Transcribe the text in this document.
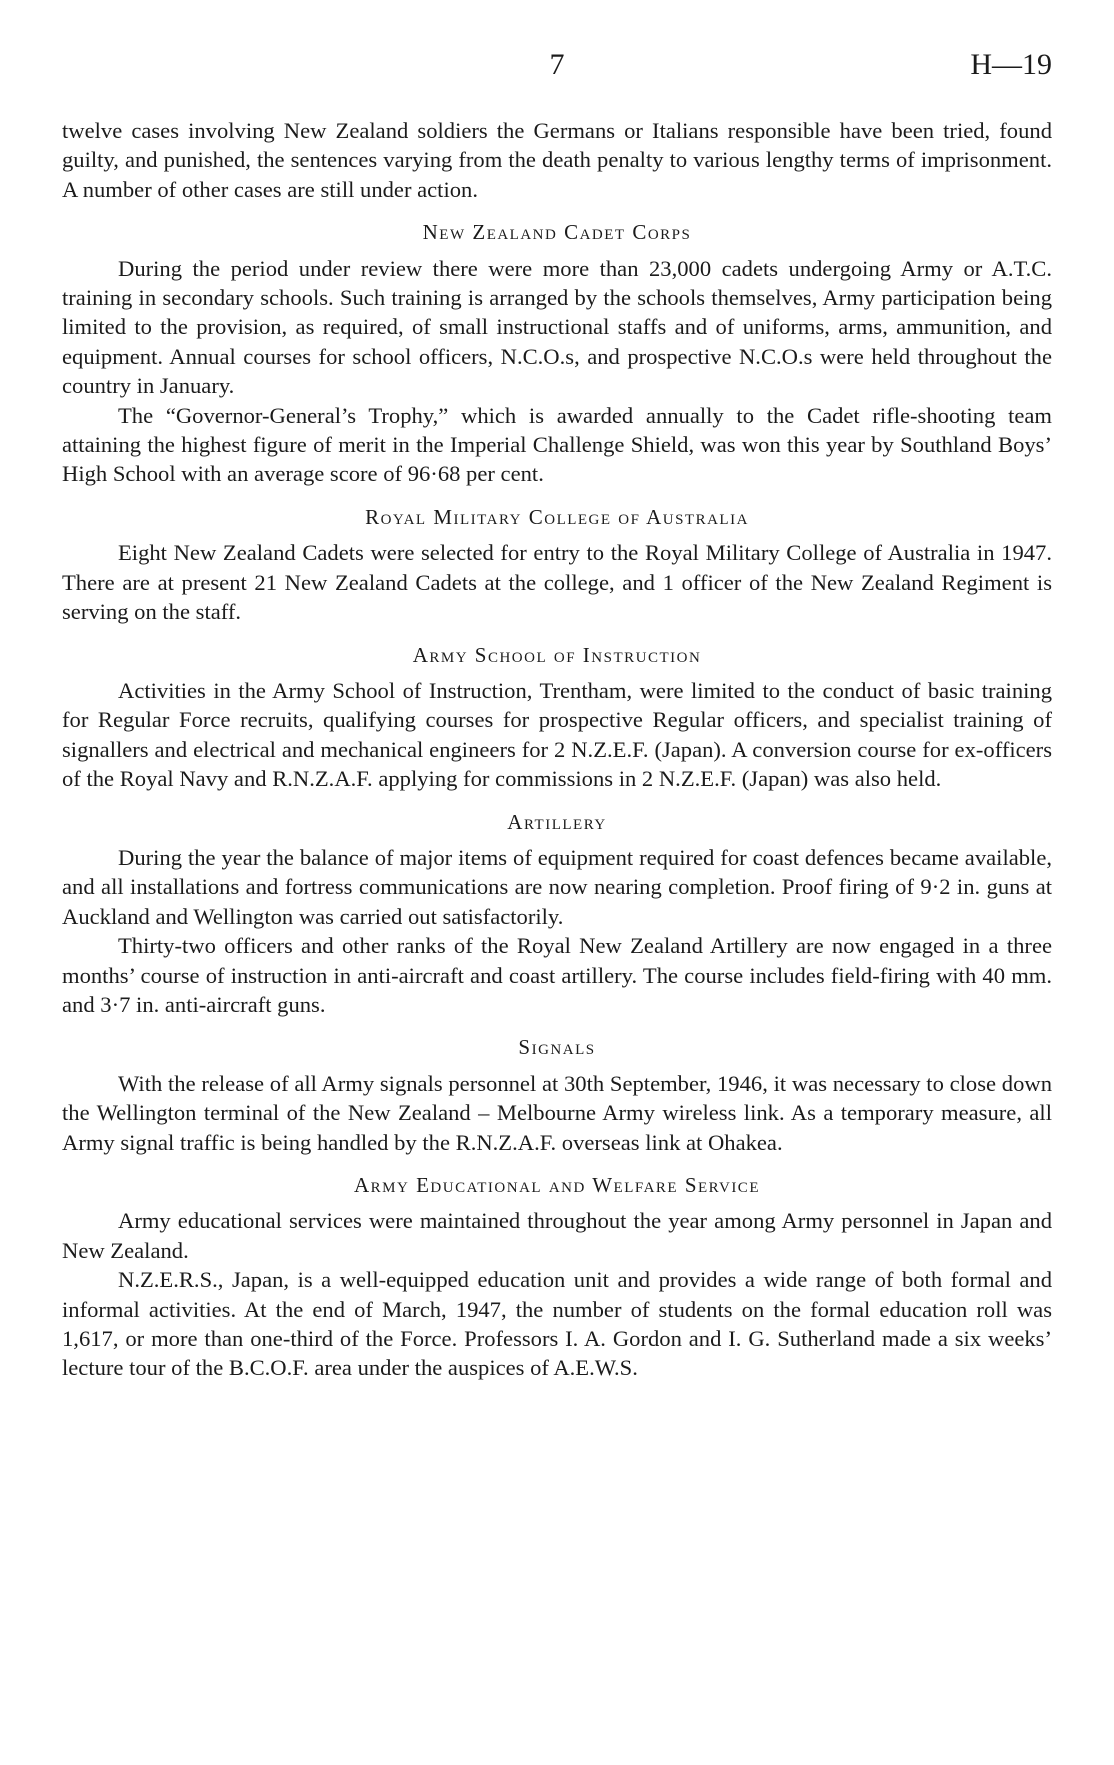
7	H—19

twelve cases involving New Zealand soldiers the Germans or Italians responsible have been tried, found guilty, and punished, the sentences varying from the death penalty to various lengthy terms of imprisonment. A number of other cases are still under action.

New Zealand Cadet Corps

During the period under review there were more than 23,000 cadets undergoing Army or A.T.C. training in secondary schools. Such training is arranged by the schools themselves, Army participation being limited to the provision, as required, of small instructional staffs and of uniforms, arms, ammunition, and equipment. Annual courses for school officers, N.C.O.s, and prospective N.C.O.s were held throughout the country in January.

The “Governor-General’s Trophy,” which is awarded annually to the Cadet rifle-shooting team attaining the highest figure of merit in the Imperial Challenge Shield, was won this year by Southland Boys’ High School with an average score of 96·68 per cent.

Royal Military College of Australia

Eight New Zealand Cadets were selected for entry to the Royal Military College of Australia in 1947. There are at present 21 New Zealand Cadets at the college, and 1 officer of the New Zealand Regiment is serving on the staff.

Army School of Instruction

Activities in the Army School of Instruction, Trentham, were limited to the conduct of basic training for Regular Force recruits, qualifying courses for prospective Regular officers, and specialist training of signallers and electrical and mechanical engineers for 2 N.Z.E.F. (Japan). A conversion course for ex-officers of the Royal Navy and R.N.Z.A.F. applying for commissions in 2 N.Z.E.F. (Japan) was also held.

Artillery

During the year the balance of major items of equipment required for coast defences became available, and all installations and fortress communications are now nearing completion. Proof firing of 9·2 in. guns at Auckland and Wellington was carried out satisfactorily.

Thirty-two officers and other ranks of the Royal New Zealand Artillery are now engaged in a three months’ course of instruction in anti-aircraft and coast artillery. The course includes field-firing with 40 mm. and 3·7 in. anti-aircraft guns.

Signals

With the release of all Army signals personnel at 30th September, 1946, it was necessary to close down the Wellington terminal of the New Zealand – Melbourne Army wireless link. As a temporary measure, all Army signal traffic is being handled by the R.N.Z.A.F. overseas link at Ohakea.

Army Educational and Welfare Service

Army educational services were maintained throughout the year among Army personnel in Japan and New Zealand.

N.Z.E.R.S., Japan, is a well-equipped education unit and provides a wide range of both formal and informal activities. At the end of March, 1947, the number of students on the formal education roll was 1,617, or more than one-third of the Force. Professors I. A. Gordon and I. G. Sutherland made a six weeks’ lecture tour of the B.C.O.F. area under the auspices of A.E.W.S.
